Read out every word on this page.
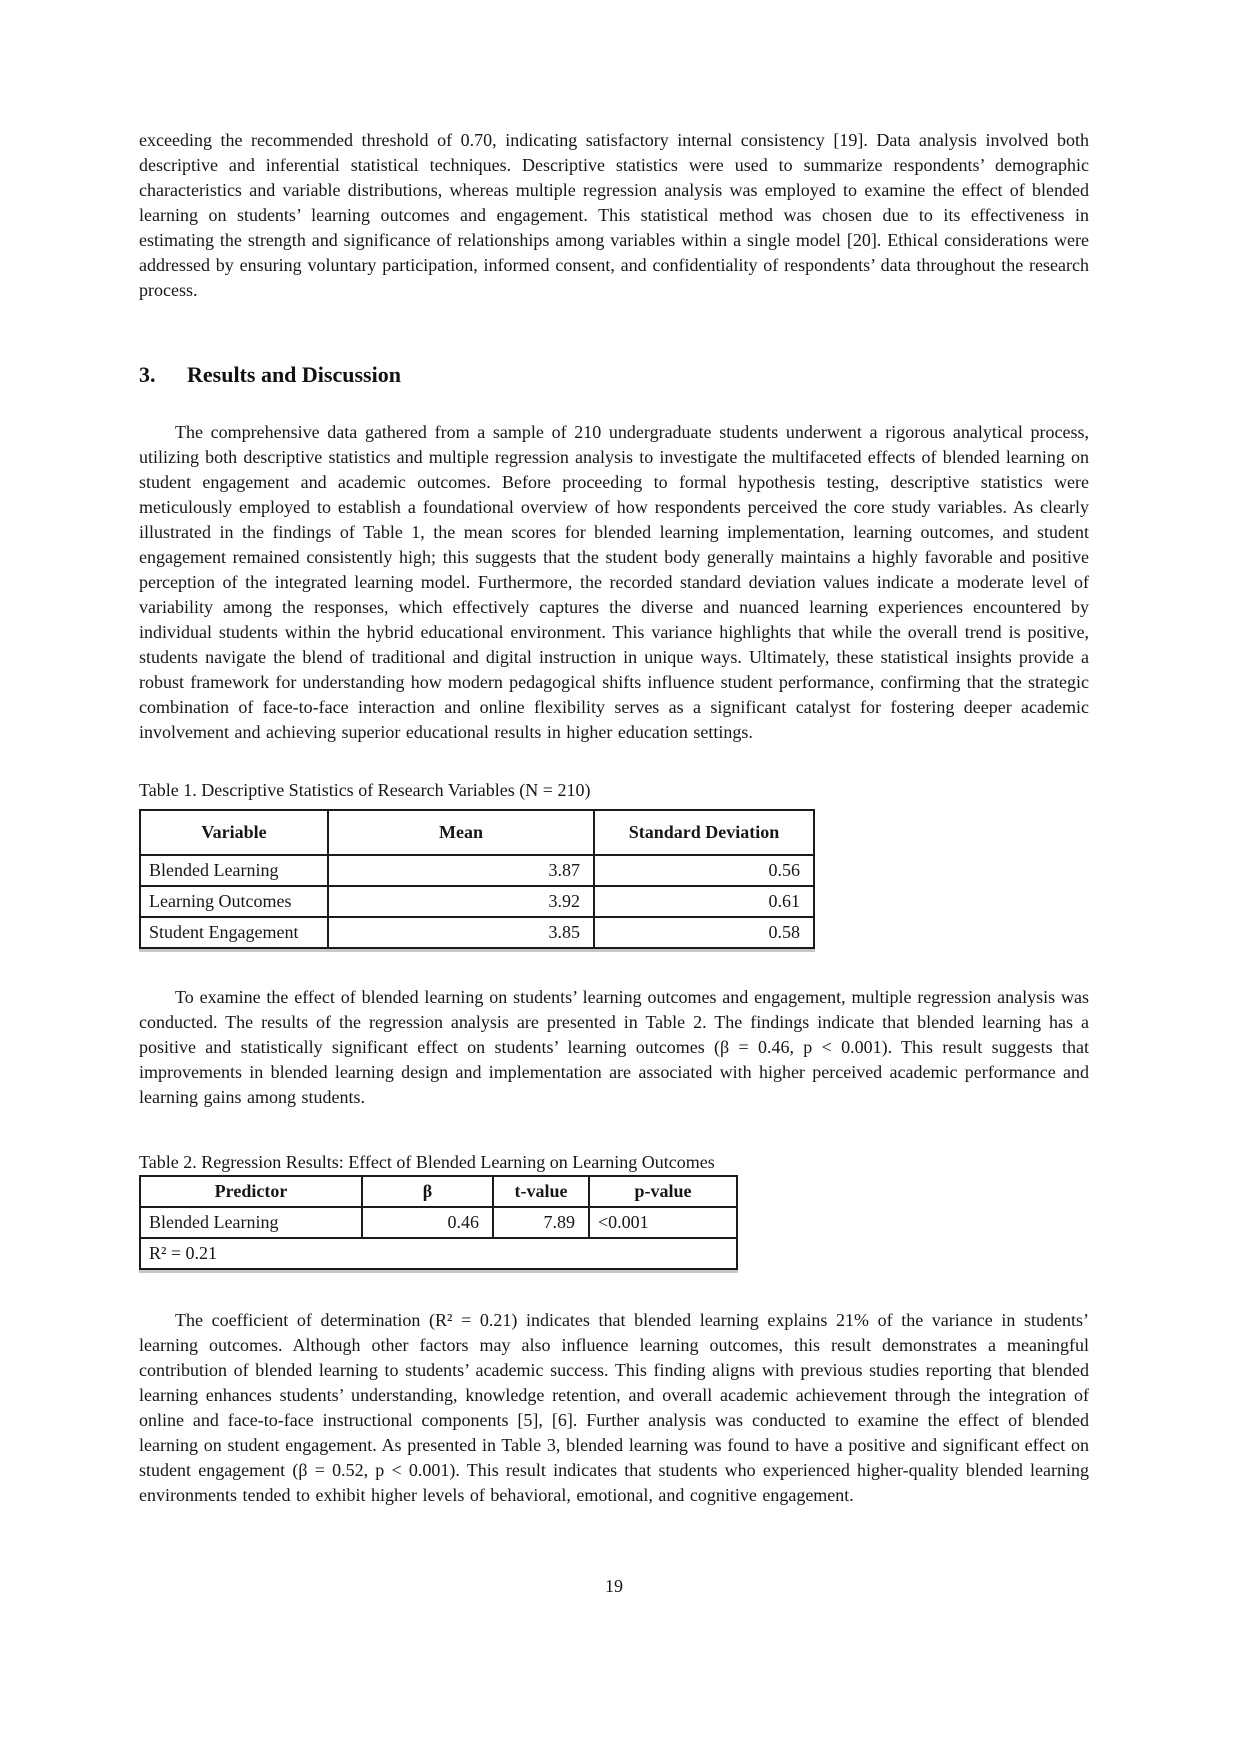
exceeding the recommended threshold of 0.70, indicating satisfactory internal consistency [19]. Data analysis involved both descriptive and inferential statistical techniques. Descriptive statistics were used to summarize respondents’ demographic characteristics and variable distributions, whereas multiple regression analysis was employed to examine the effect of blended learning on students’ learning outcomes and engagement. This statistical method was chosen due to its effectiveness in estimating the strength and significance of relationships among variables within a single model [20]. Ethical considerations were addressed by ensuring voluntary participation, informed consent, and confidentiality of respondents’ data throughout the research process.

3. Results and Discussion

The comprehensive data gathered from a sample of 210 undergraduate students underwent a rigorous analytical process, utilizing both descriptive statistics and multiple regression analysis to investigate the multifaceted effects of blended learning on student engagement and academic outcomes. Before proceeding to formal hypothesis testing, descriptive statistics were meticulously employed to establish a foundational overview of how respondents perceived the core study variables. As clearly illustrated in the findings of Table 1, the mean scores for blended learning implementation, learning outcomes, and student engagement remained consistently high; this suggests that the student body generally maintains a highly favorable and positive perception of the integrated learning model. Furthermore, the recorded standard deviation values indicate a moderate level of variability among the responses, which effectively captures the diverse and nuanced learning experiences encountered by individual students within the hybrid educational environment. This variance highlights that while the overall trend is positive, students navigate the blend of traditional and digital instruction in unique ways. Ultimately, these statistical insights provide a robust framework for understanding how modern pedagogical shifts influence student performance, confirming that the strategic combination of face-to-face interaction and online flexibility serves as a significant catalyst for fostering deeper academic involvement and achieving superior educational results in higher education settings.

Table 1. Descriptive Statistics of Research Variables (N = 210)

Variable	Mean	Standard Deviation
Blended Learning	3.87	0.56
Learning Outcomes	3.92	0.61
Student Engagement	3.85	0.58

To examine the effect of blended learning on students’ learning outcomes and engagement, multiple regression analysis was conducted. The results of the regression analysis are presented in Table 2. The findings indicate that blended learning has a positive and statistically significant effect on students’ learning outcomes (β = 0.46, p < 0.001). This result suggests that improvements in blended learning design and implementation are associated with higher perceived academic performance and learning gains among students.

Table 2. Regression Results: Effect of Blended Learning on Learning Outcomes

Predictor	β	t-value	p-value
Blended Learning	0.46	7.89	<0.001
R² = 0.21			

The coefficient of determination (R² = 0.21) indicates that blended learning explains 21% of the variance in students’ learning outcomes. Although other factors may also influence learning outcomes, this result demonstrates a meaningful contribution of blended learning to students’ academic success. This finding aligns with previous studies reporting that blended learning enhances students’ understanding, knowledge retention, and overall academic achievement through the integration of online and face-to-face instructional components [5], [6]. Further analysis was conducted to examine the effect of blended learning on student engagement. As presented in Table 3, blended learning was found to have a positive and significant effect on student engagement (β = 0.52, p < 0.001). This result indicates that students who experienced higher-quality blended learning environments tended to exhibit higher levels of behavioral, emotional, and cognitive engagement.

19
